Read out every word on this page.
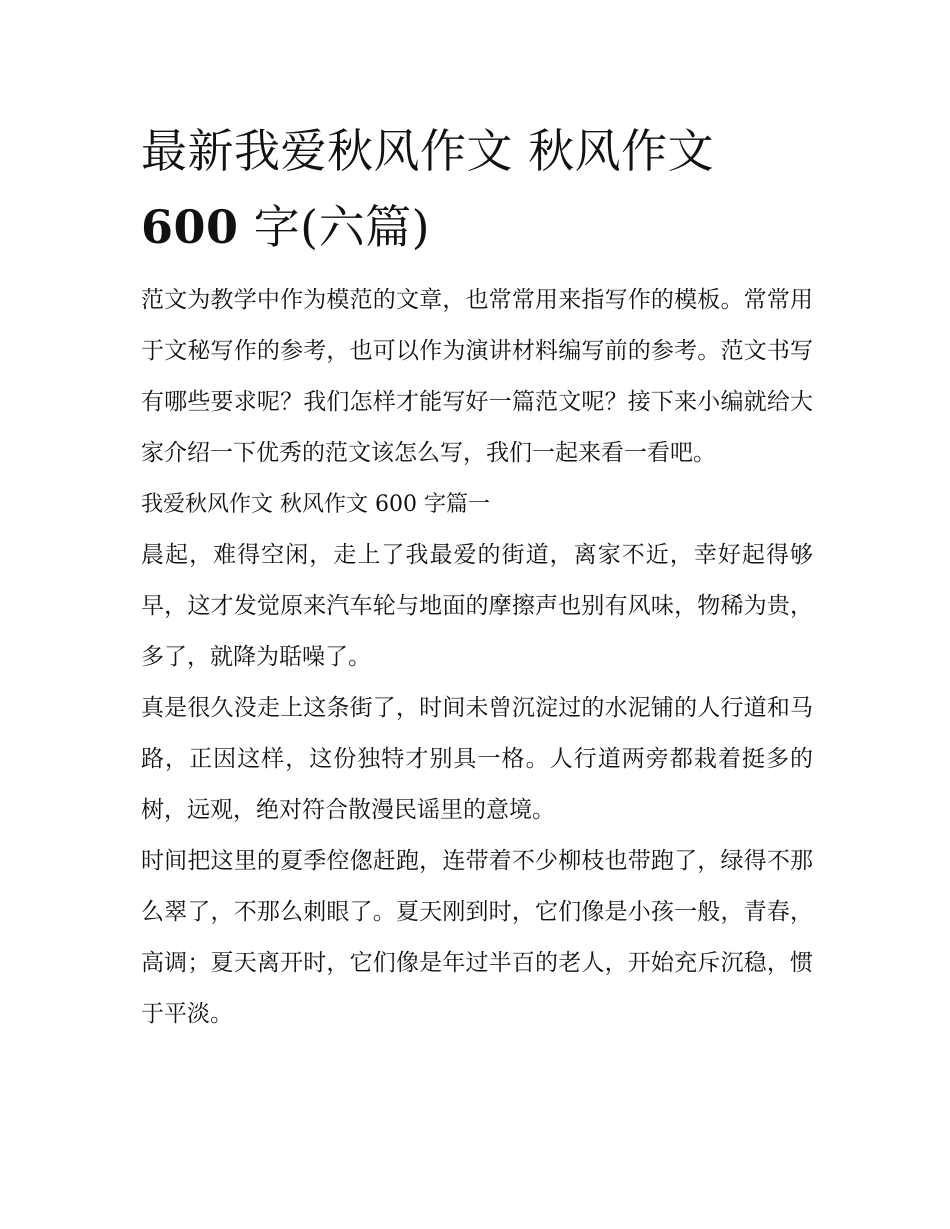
最新我爱秋风作文 秋风作文
600 字(六篇)

范文为教学中作为模范的文章，也常常用来指写作的模板。常常用于文秘写作的参考，也可以作为演讲材料编写前的参考。范文书写有哪些要求呢？我们怎样才能写好一篇范文呢？接下来小编就给大家介绍一下优秀的范文该怎么写，我们一起来看一看吧。

我爱秋风作文 秋风作文 600 字篇一

晨起，难得空闲，走上了我最爱的街道，离家不近，幸好起得够早，这才发觉原来汽车轮与地面的摩擦声也别有风味，物稀为贵，多了，就降为聒噪了。

真是很久没走上这条街了，时间未曾沉淀过的水泥铺的人行道和马路，正因这样，这份独特才别具一格。人行道两旁都栽着挺多的树，远观，绝对符合散漫民谣里的意境。

时间把这里的夏季倥偬赶跑，连带着不少柳枝也带跑了，绿得不那么翠了，不那么刺眼了。夏天刚到时，它们像是小孩一般，青春，高调；夏天离开时，它们像是年过半百的老人，开始充斥沉稳，惯于平淡。
